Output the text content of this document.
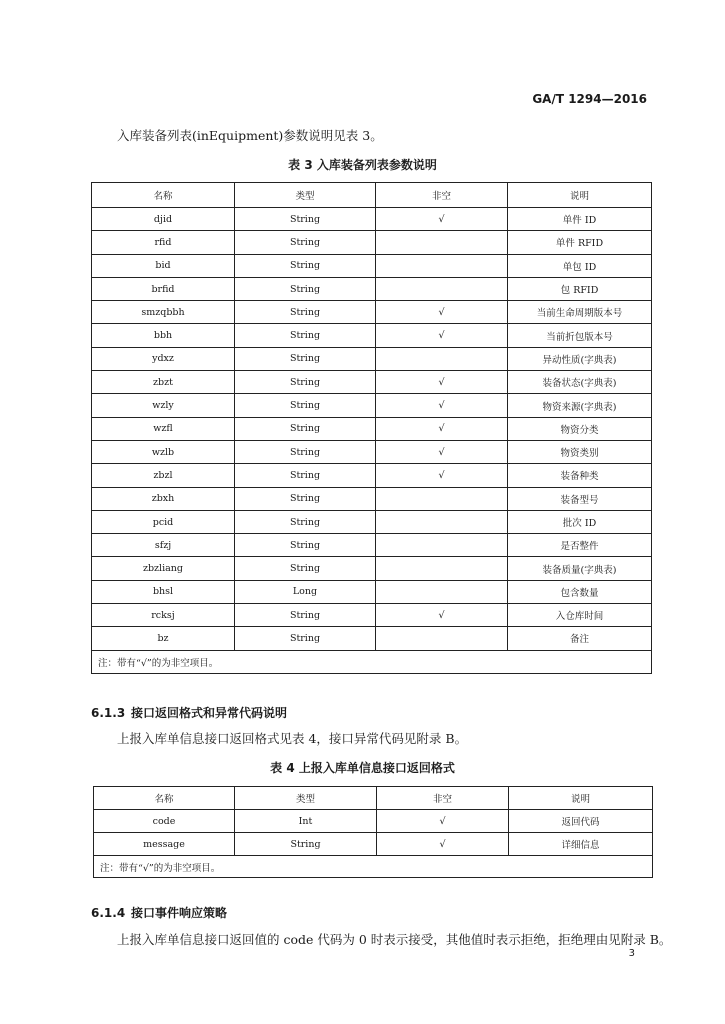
GA/T 1294—2016
入库装备列表(inEquipment)参数说明见表 3。
表 3 入库装备列表参数说明
名称	类型	非空	说明
djid	String	√	单件 ID
rfid	String		单件 RFID
bid	String		单包 ID
brfid	String		包 RFID
smzqbbh	String	√	当前生命周期版本号
bbh	String	√	当前折包版本号
ydxz	String		异动性质(字典表)
zbzt	String	√	装备状态(字典表)
wzly	String	√	物资来源(字典表)
wzfl	String	√	物资分类
wzlb	String	√	物资类别
zbzl	String	√	装备种类
zbxh	String		装备型号
pcid	String		批次 ID
sfzj	String		是否整件
zbzliang	String		装备质量(字典表)
bhsl	Long		包含数量
rcksj	String	√	入仓库时间
bz	String		备注
注：带有“√”的为非空项目。			
6.1.3 接口返回格式和异常代码说明
上报入库单信息接口返回格式见表 4，接口异常代码见附录 B。
表 4 上报入库单信息接口返回格式
名称	类型	非空	说明
code	Int	√	返回代码
message	String	√	详细信息
注：带有“√”的为非空项目。			
6.1.4 接口事件响应策略
上报入库单信息接口返回值的 code 代码为 0 时表示接受，其他值时表示拒绝，拒绝理由见附录 B。
3
